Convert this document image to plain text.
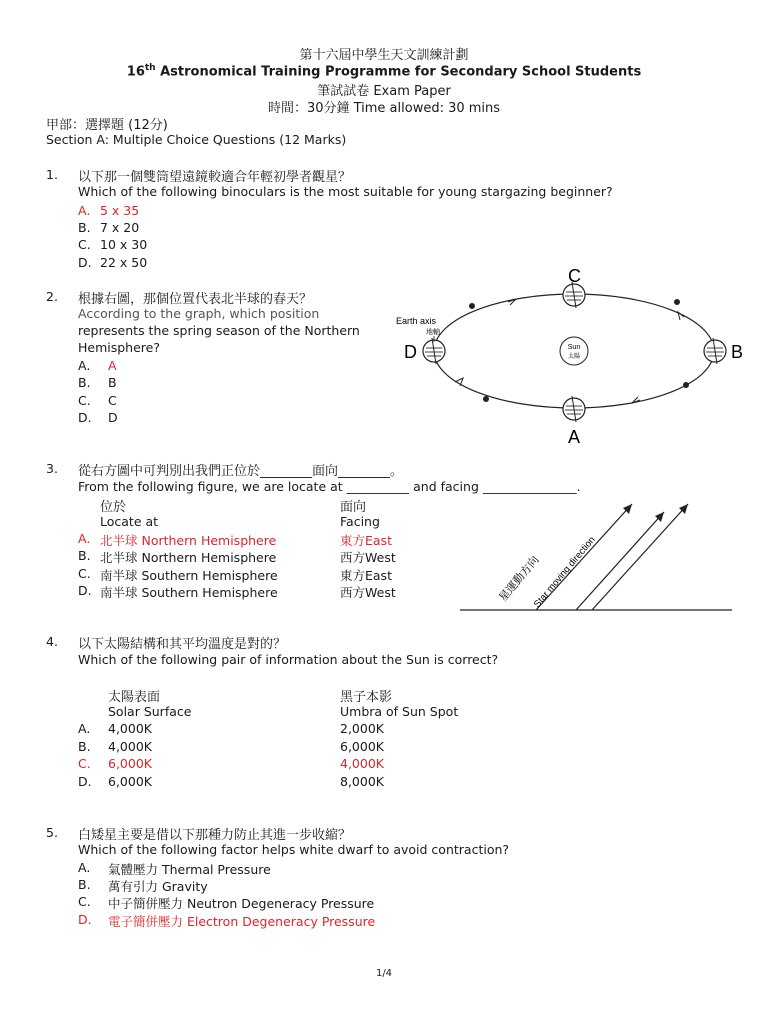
第十六屆中學生天文訓練計劃
16th Astronomical Training Programme for Secondary School Students
筆試試卷 Exam Paper
時間：30分鐘 Time allowed: 30 mins
甲部：選擇題 (12分)
Section A: Multiple Choice Questions (12 Marks)
1. 以下那一個雙筒望遠鏡較適合年輕初學者觀星？
Which of the following binoculars is the most suitable for young stargazing beginner?
A. 5 x 35
B. 7 x 20
C. 10 x 30
D. 22 x 50
2. 根據右圖，那個位置代表北半球的春天？
According to the graph, which position
represents the spring season of the Northern
Hemisphere?
A. A
B. B
C. C
D. D
Sun
太陽
Earth axis
地軸
C
A
D	B
3. 從右方圖中可判別出我們正位於________面向________。
From the following figure, we are locate at __________ and facing _______________.
位於	面向
Locate at	Facing
A. 北半球 Northern Hemisphere	東方East
B. 北半球 Northern Hemisphere	西方West
C. 南半球 Southern Hemisphere	東方East
D. 南半球 Southern Hemisphere	西方West	星運動方向
Star moving direction
4. 以下太陽結構和其平均溫度是對的？
Which of the following pair of information about the Sun is correct?
太陽表面	黑子本影
Solar Surface	Umbra of Sun Spot
A. 4,000K	2,000K
B. 4,000K	6,000K
C. 6,000K	4,000K
D. 6,000K	8,000K
5. 白矮星主要是借以下那種力防止其進一步收縮？
Which of the following factor helps white dwarf to avoid contraction?
A. 氣體壓力 Thermal Pressure
B. 萬有引力 Gravity
C. 中子簡併壓力 Neutron Degeneracy Pressure
D. 電子簡併壓力 Electron Degeneracy Pressure
1/4
